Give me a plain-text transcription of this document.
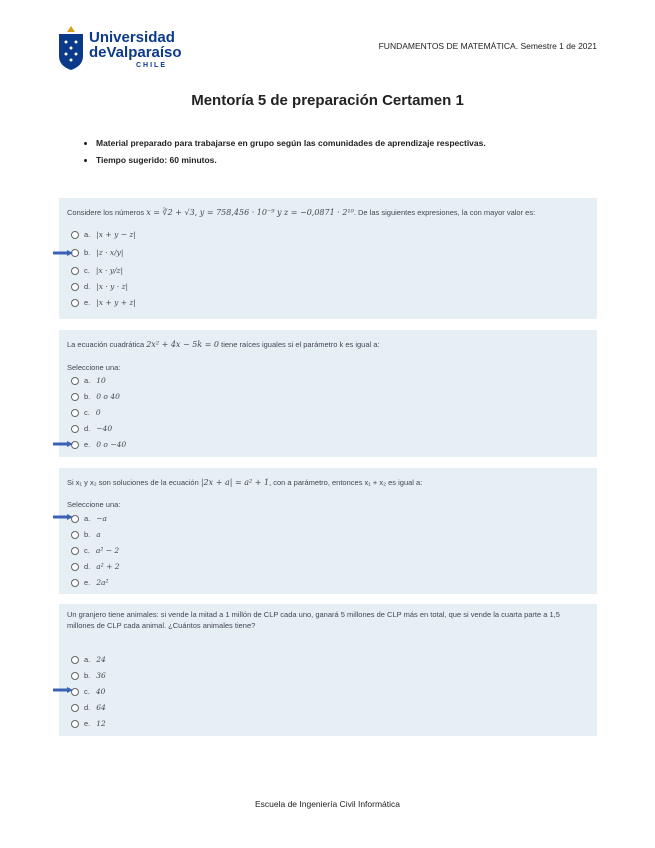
Universidad
deValparaíso
CHILE
FUNDAMENTOS DE MATEMÁTICA. Semestre 1 de 2021
Mentoría 5 de preparación Certamen 1
• Material preparado para trabajarse en grupo según las comunidades de aprendizaje respectivas.
• Tiempo sugerido: 60 minutos.
Considere los números x = ∛2 + √3, y = 758,456 · 10⁻⁹ y z = −0,0871 · 2¹⁰. De las siguientes expresiones, la con mayor valor es:
a. |x + y − z|
b. |z · x/y|
c. |x · y/z|
d. |x · y · z|
e. |x + y + z|
La ecuación cuadrática 2x² + 4x − 5k = 0 tiene raíces iguales si el parámetro k es igual a:
Seleccione una:
a. 10
b. 0 o 40
c. 0
d. −40
e. 0 o −40
Si x₁ y x₂ son soluciones de la ecuación |2x + a| = a² + 1, con a parámetro, entonces x₁ + x₂ es igual a:
Seleccione una:
a. −a
b. a
c. a² − 2
d. a² + 2
e. 2a²
Un granjero tiene animales: si vende la mitad a 1 millón de CLP cada uno, ganará 5 millones de CLP más en total, que si vende la cuarta parte a 1,5 millones de CLP cada animal. ¿Cuántos animales tiene?
a. 24
b. 36
c. 40
d. 64
e. 12
Escuela de Ingeniería Civil Informática
